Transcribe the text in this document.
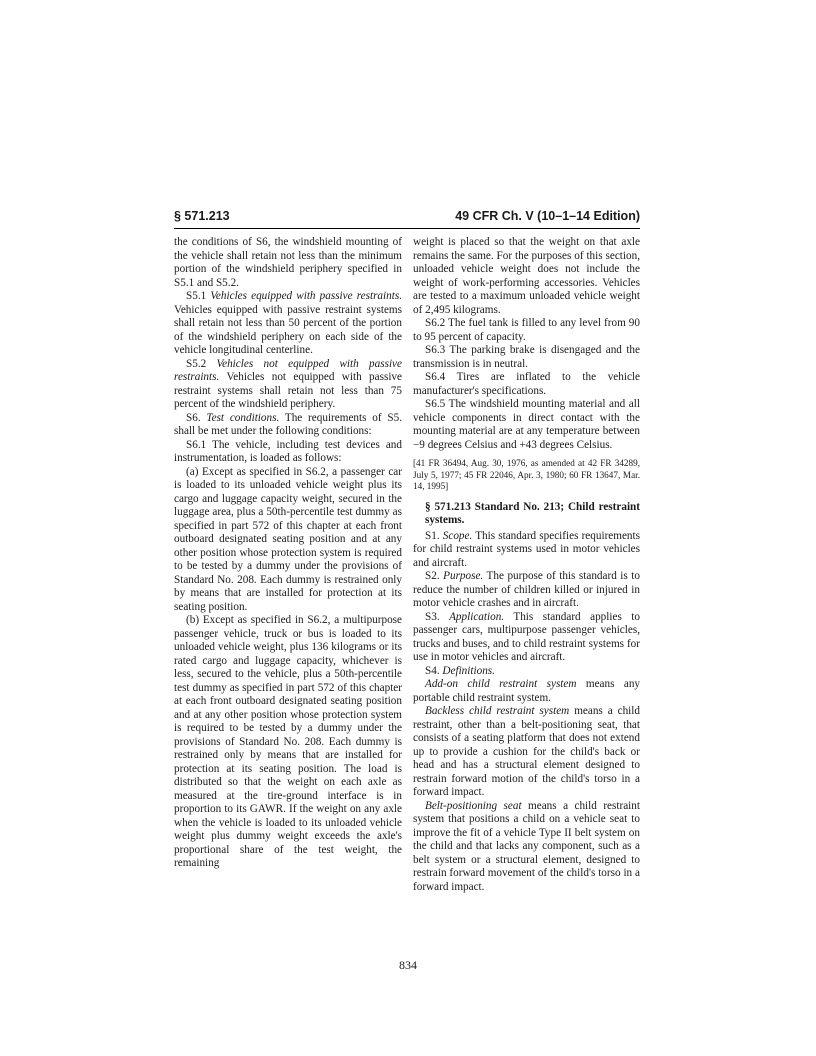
§ 571.213	49 CFR Ch. V (10–1–14 Edition)

the conditions of S6, the windshield mounting of the vehicle shall retain not less than the minimum portion of the windshield periphery specified in S5.1 and S5.2.

S5.1 Vehicles equipped with passive restraints. Vehicles equipped with passive restraint systems shall retain not less than 50 percent of the portion of the windshield periphery on each side of the vehicle longitudinal centerline.

S5.2 Vehicles not equipped with passive restraints. Vehicles not equipped with passive restraint systems shall retain not less than 75 percent of the windshield periphery.

S6. Test conditions. The requirements of S5. shall be met under the following conditions:

S6.1 The vehicle, including test devices and instrumentation, is loaded as follows:

(a) Except as specified in S6.2, a passenger car is loaded to its unloaded vehicle weight plus its cargo and luggage capacity weight, secured in the luggage area, plus a 50th-percentile test dummy as specified in part 572 of this chapter at each front outboard designated seating position and at any other position whose protection system is required to be tested by a dummy under the provisions of Standard No. 208. Each dummy is restrained only by means that are installed for protection at its seating position.

(b) Except as specified in S6.2, a multipurpose passenger vehicle, truck or bus is loaded to its unloaded vehicle weight, plus 136 kilograms or its rated cargo and luggage capacity, whichever is less, secured to the vehicle, plus a 50th-percentile test dummy as specified in part 572 of this chapter at each front outboard designated seating position and at any other position whose protection system is required to be tested by a dummy under the provisions of Standard No. 208. Each dummy is restrained only by means that are installed for protection at its seating position. The load is distributed so that the weight on each axle as measured at the tire-ground interface is in proportion to its GAWR. If the weight on any axle when the vehicle is loaded to its unloaded vehicle weight plus dummy weight exceeds the axle's proportional share of the test weight, the remaining

weight is placed so that the weight on that axle remains the same. For the purposes of this section, unloaded vehicle weight does not include the weight of work-performing accessories. Vehicles are tested to a maximum unloaded vehicle weight of 2,495 kilograms.

S6.2 The fuel tank is filled to any level from 90 to 95 percent of capacity.

S6.3 The parking brake is disengaged and the transmission is in neutral.

S6.4 Tires are inflated to the vehicle manufacturer's specifications.

S6.5 The windshield mounting material and all vehicle components in direct contact with the mounting material are at any temperature between −9 degrees Celsius and +43 degrees Celsius.

[41 FR 36494, Aug. 30, 1976, as amended at 42 FR 34289, July 5, 1977; 45 FR 22046, Apr. 3, 1980; 60 FR 13647, Mar. 14, 1995]

§ 571.213 Standard No. 213; Child restraint systems.

S1. Scope. This standard specifies requirements for child restraint systems used in motor vehicles and aircraft.

S2. Purpose. The purpose of this standard is to reduce the number of children killed or injured in motor vehicle crashes and in aircraft.

S3. Application. This standard applies to passenger cars, multipurpose passenger vehicles, trucks and buses, and to child restraint systems for use in motor vehicles and aircraft.

S4. Definitions.

Add-on child restraint system means any portable child restraint system.

Backless child restraint system means a child restraint, other than a belt-positioning seat, that consists of a seating platform that does not extend up to provide a cushion for the child's back or head and has a structural element designed to restrain forward motion of the child's torso in a forward impact.

Belt-positioning seat means a child restraint system that positions a child on a vehicle seat to improve the fit of a vehicle Type II belt system on the child and that lacks any component, such as a belt system or a structural element, designed to restrain forward movement of the child's torso in a forward impact.

834
